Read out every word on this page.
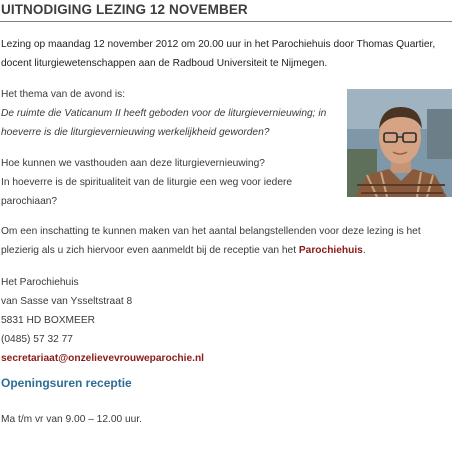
UITNODIGING LEZING 12 NOVEMBER
Lezing op maandag 12 november 2012 om 20.00 uur in het Parochiehuis door Thomas Quartier,
docent liturgiewetenschappen aan de Radboud Universiteit te Nijmegen.
Het thema van de avond is:
De ruimte die Vaticanum II heeft geboden voor de liturgievernieuwing; in
hoeverre is die liturgievernieuwing werkelijkheid geworden?
Hoe kunnen we vasthouden aan deze liturgievernieuwing?
In hoeverre is de spiritualiteit van de liturgie een weg voor iedere
parochiaan?
Om een inschatting te kunnen maken van het aantal belangstellenden voor deze lezing is het
plezierig als u zich hiervoor even aanmeldt bij de receptie van het Parochiehuis.
Het Parochiehuis
van Sasse van Ysseltstraat 8
5831 HD BOXMEER
(0485) 57 32 77
secretariaat@onzelievevrouweparochie.nl
Openingsuren receptie
Ma t/m vr van 9.00 – 12.00 uur.
